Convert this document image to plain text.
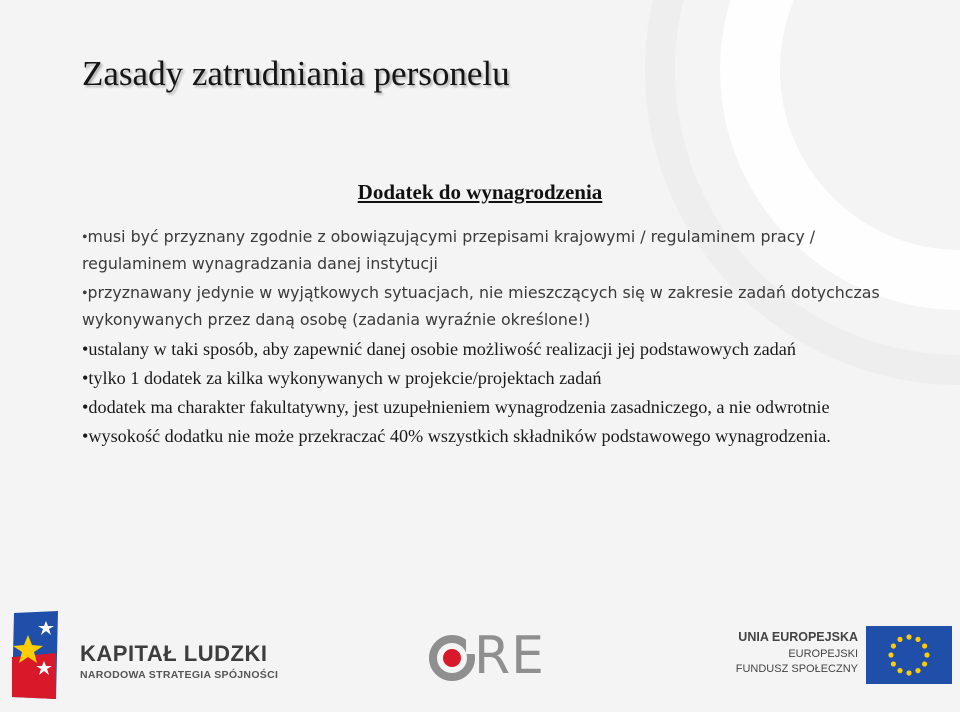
Zasady zatrudniania personelu
Dodatek do wynagrodzenia
•musi być przyznany zgodnie z obowiązującymi przepisami krajowymi / regulaminem pracy / regulaminem wynagradzania danej instytucji
•przyznawany jedynie w wyjątkowych sytuacjach, nie mieszczących się w zakresie zadań dotychczas wykonywanych przez daną osobę (zadania wyraźnie określone!)
•ustalany w taki sposób, aby zapewnić danej osobie możliwość realizacji jej podstawowych zadań
•tylko 1 dodatek za kilka wykonywanych w projekcie/projektach zadań
•dodatek ma charakter fakultatywny, jest uzupełnieniem wynagrodzenia zasadniczego, a nie odwrotnie
•wysokość dodatku nie może przekraczać 40% wszystkich składników podstawowego wynagrodzenia.
KAPITAŁ LUDZKI
NARODOWA STRATEGIA SPÓJNOŚCI	RE	UNIA EUROPEJSKA
EUROPEJSKI
FUNDUSZ SPOŁECZNY
